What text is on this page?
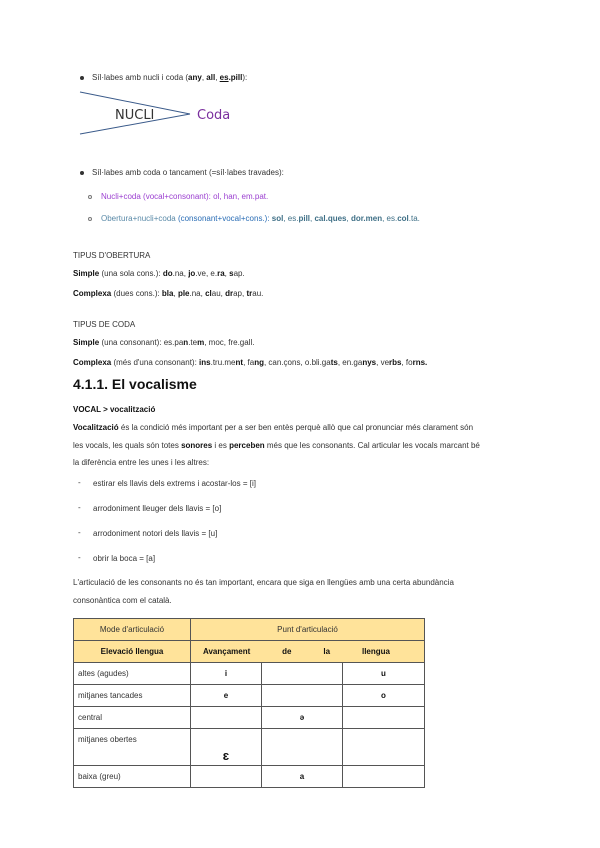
Síl·labes amb nucli i coda (any, all, es.pill):
NUCLI	Coda
Síl·labes amb coda o tancament (=síl·labes travades):
Nucli+coda (vocal+consonant): ol, han, em.pat.
Obertura+nucli+coda (consonant+vocal+cons.): sol, es.pill, cal.ques, dor.men, es.col.ta.
TIPUS D'OBERTURA
Simple (una sola cons.): do.na, jo.ve, e.ra, sap.
Complexa (dues cons.): bla, ple.na, clau, drap, trau.
TIPUS DE CODA
Simple (una consonant): es.pan.tem, moc, fre.gall.
Complexa (més d'una consonant): ins.tru.ment, fang, can.çons, o.bli.gats, en.ganys, verbs, forns.
4.1.1. El vocalisme
VOCAL > vocalització
Vocalització és la condició més important per a ser ben entès perquè allò que cal pronunciar més clarament són
les vocals, les quals són totes sonores i es perceben més que les consonants. Cal articular les vocals marcant bé
la diferència entre les unes i les altres:
- estirar els llavis dels extrems i acostar-los = [i]
- arrodoniment lleuger dels llavis = [o]
- arrodoniment notori dels llavis = [u]
- obrir la boca = [a]
L'articulació de les consonants no és tan important, encara que siga en llengües amb una certa abundància
consonàntica com el català.
Mode d'articulació	Punt d'articulació		
Elevació llengua	Avançament de la llengua		

altes (agudes)	i		u
mitjanes tancades	e		o
central		ə	
mitjanes obertes	ɛ		
baixa (greu)		a	
